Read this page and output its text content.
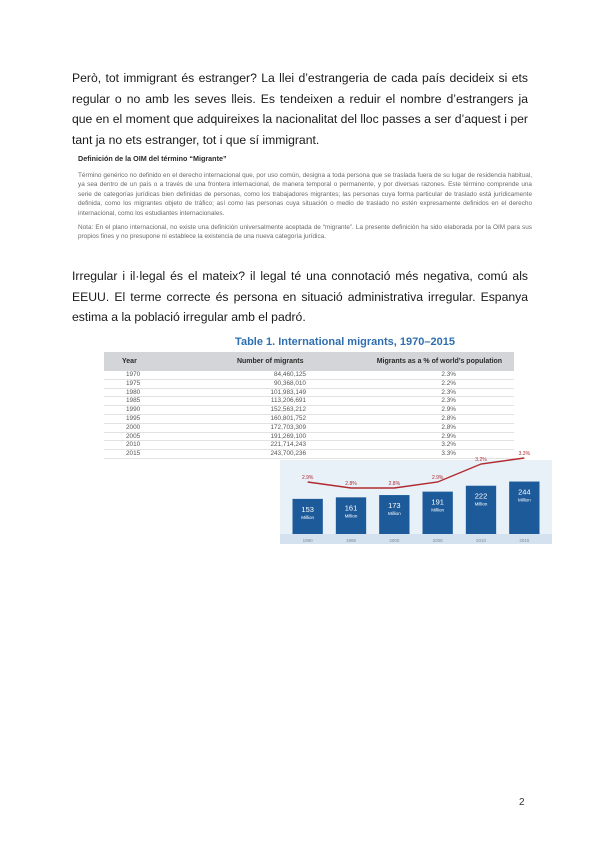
Però, tot immigrant és estranger? La llei d’estrangeria de cada país decideix si ets regular o no amb les seves lleis. Es tendeixen a reduir el nombre d’estrangers ja que en el moment que adquireixes la nacionalitat del lloc passes a ser d’aquest i per tant ja no ets estranger, tot i que sí immigrant.

Definición de la OIM del término “Migrante”

Término genérico no definido en el derecho internacional que, por uso común, designa a toda persona que se traslada fuera de su lugar de residencia habitual, ya sea dentro de un país o a través de una frontera internacional, de manera temporal o permanente, y por diversas razones. Este término comprende una serie de categorías jurídicas bien definidas de personas, como los trabajadores migrantes; las personas cuya forma particular de traslado está jurídicamente definida, como los migrantes objeto de tráfico; así como las personas cuya situación o medio de traslado no estén expresamente definidos en el derecho internacional, como los estudiantes internacionales.

Nota: En el plano internacional, no existe una definición universalmente aceptada de “migrante”. La presente definición ha sido elaborada por la OIM para sus propios fines y no presupone ni establece la existencia de una nueva categoría jurídica.

Irregular i il·legal és el mateix? il legal té una connotació més negativa, comú als EEUU. El terme correcte és persona en situació administrativa irregular. Espanya estima a la població irregular amb el padró.

Table 1. International migrants, 1970–2015
Year	Number of migrants	Migrants as a % of world’s population
1970	84,460,125	2.3%
1975	90,368,010	2.2%
1980	101,983,149	2.3%
1985	113,206,691	2.3%
1990	152,563,212	2.9%
1995	160,801,752	2.8%
2000	172,703,309	2.8%
2005	191,269,100	2.9%
2010	221,714,243	3.2%
2015	243,700,236	3.3%
153
Million
1990
161
Million
1995
173
Million
2000
191
Million
2005
222
Million
2010
244
Million
2015
2.9%
2.8%	2.8%
2.9%
3.2%
3.3%
2
